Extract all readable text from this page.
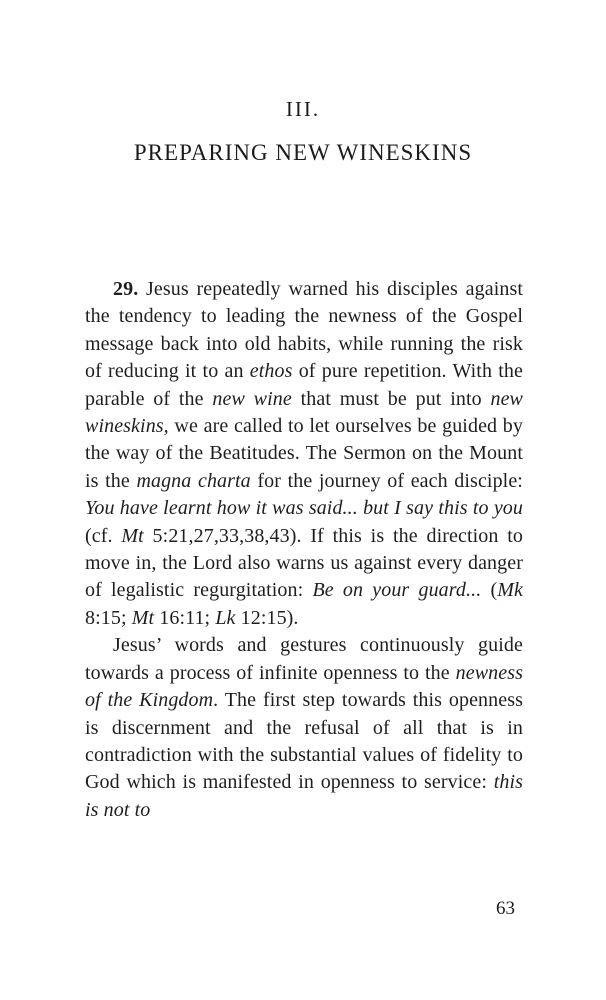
III.
PREPARING NEW WINESKINS

29. Jesus repeatedly warned his disciples against the tendency to leading the newness of the Gospel message back into old habits, while running the risk of reducing it to an ethos of pure repetition. With the parable of the new wine that must be put into new wineskins, we are called to let ourselves be guided by the way of the Beatitudes. The Sermon on the Mount is the magna charta for the journey of each disciple: You have learnt how it was said... but I say this to you (cf. Mt 5:21,27,33,38,43). If this is the direction to move in, the Lord also warns us against every danger of legalistic regurgitation: Be on your guard... (Mk 8:15; Mt 16:11; Lk 12:15).

Jesus’ words and gestures continuously guide towards a process of infinite openness to the newness of the Kingdom. The first step towards this openness is discernment and the refusal of all that is in contradiction with the substantial values of fidelity to God which is manifested in openness to service: this is not to

63
